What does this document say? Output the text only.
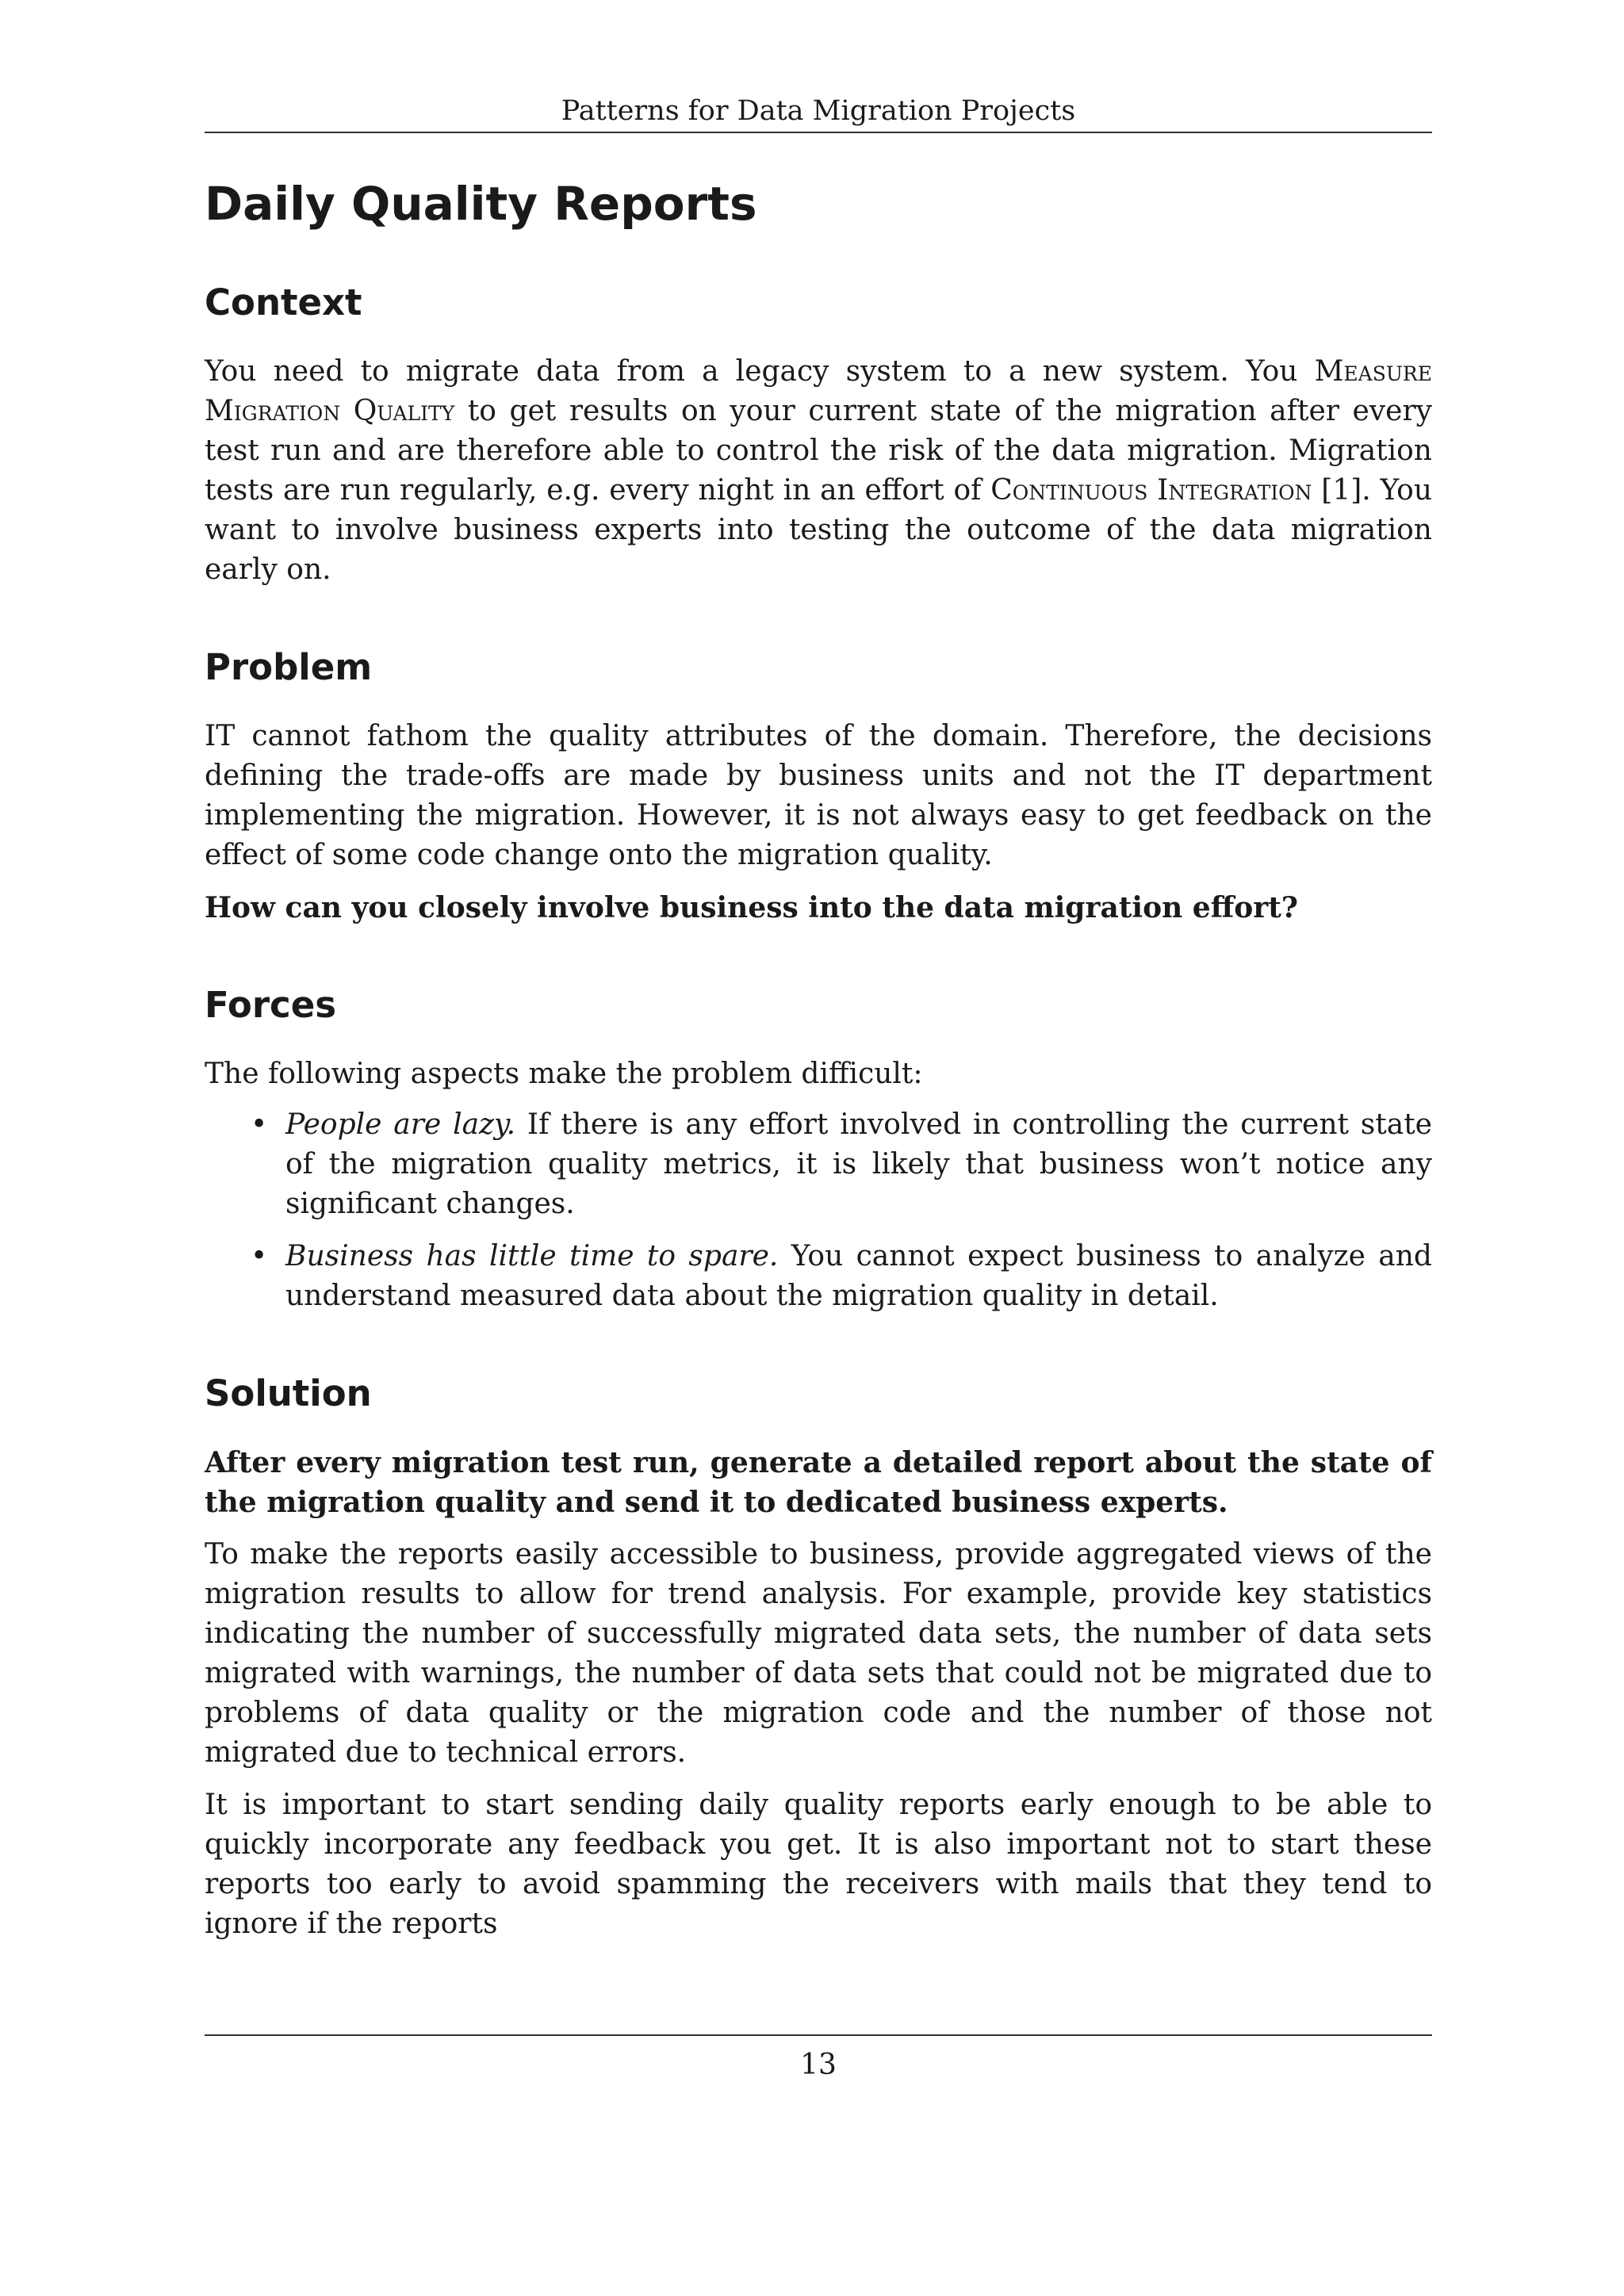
Patterns for Data Migration Projects
Daily Quality Reports
Context

You need to migrate data from a legacy system to a new system. You Measure Migration Quality to get results on your current state of the migration after every test run and are therefore able to control the risk of the data migration. Migration tests are run regularly, e.g. every night in an effort of Continuous Integration [1]. You want to involve business experts into testing the outcome of the data migration early on.

Problem

IT cannot fathom the quality attributes of the domain. Therefore, the decisions defining the trade-offs are made by business units and not the IT department implementing the migration. However, it is not always easy to get feedback on the effect of some code change onto the migration quality.

How can you closely involve business into the data migration effort?

Forces

The following aspects make the problem difficult:

• People are lazy. If there is any effort involved in controlling the current state of the migration quality metrics, it is likely that business won’t notice any significant changes.

• Business has little time to spare. You cannot expect business to analyze and understand measured data about the migration quality in detail.

Solution

After every migration test run, generate a detailed report about the state of the migration quality and send it to dedicated business experts.

To make the reports easily accessible to business, provide aggregated views of the migration results to allow for trend analysis. For example, provide key statistics indicating the number of successfully migrated data sets, the number of data sets migrated with warnings, the number of data sets that could not be migrated due to problems of data quality or the migration code and the number of those not migrated due to technical errors.

It is important to start sending daily quality reports early enough to be able to quickly incorporate any feedback you get. It is also important not to start these reports too early to avoid spamming the receivers with mails that they tend to ignore if the reports

13
